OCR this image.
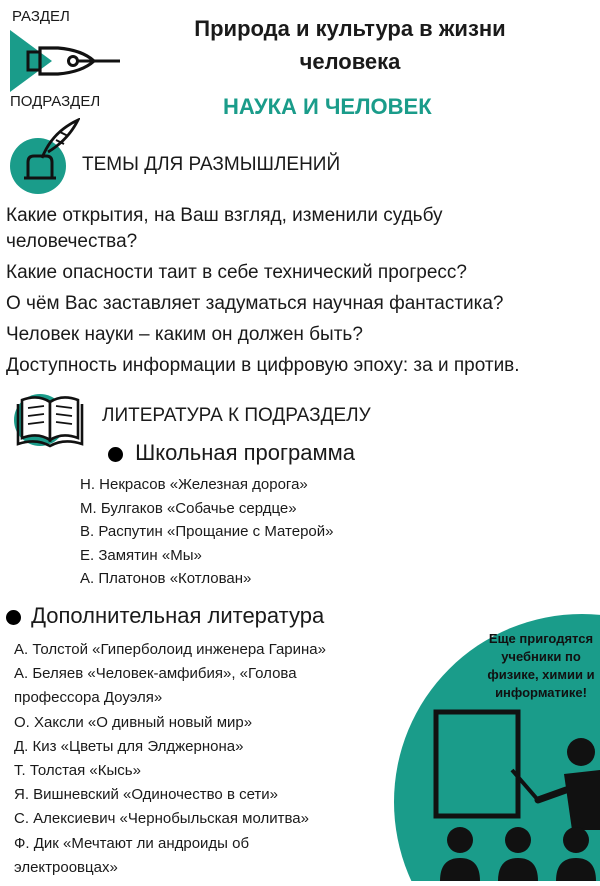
РАЗДЕЛ
ПОДРАЗДЕЛ
Природа и культура в жизни
человека
НАУКА И ЧЕЛОВЕК
ТЕМЫ ДЛЯ РАЗМЫШЛЕНИЙ
Какие открытия, на Ваш взгляд, изменили судьбу
человечества?
Какие опасности таит в себе технический прогресс?
О чём Вас заставляет задуматься научная фантастика?
Человек науки – каким он должен быть?
Доступность информации в цифровую эпоху: за и против.
ЛИТЕРАТУРА К ПОДРАЗДЕЛУ
Школьная программа
Н. Некрасов «Железная дорога»
М. Булгаков «Собачье сердце»
В. Распутин «Прощание с Матерой»
Е. Замятин «Мы»
А. Платонов «Котлован»
Еще пригодятся
учебники по
физике, химии и
информатике!
Дополнительная литература
А. Толстой «Гиперболоид инженера Гарина»
А. Беляев «Человек-амфибия», «Голова
профессора Доуэля»
О. Хаксли «О дивный новый мир»
Д. Киз «Цветы для Элджернона»
Т. Толстая «Кысь»
Я. Вишневский «Одиночество в сети»
С. Алексиевич «Чернобыльская молитва»
Ф. Дик «Мечтают ли андроиды об
электроовцах»
